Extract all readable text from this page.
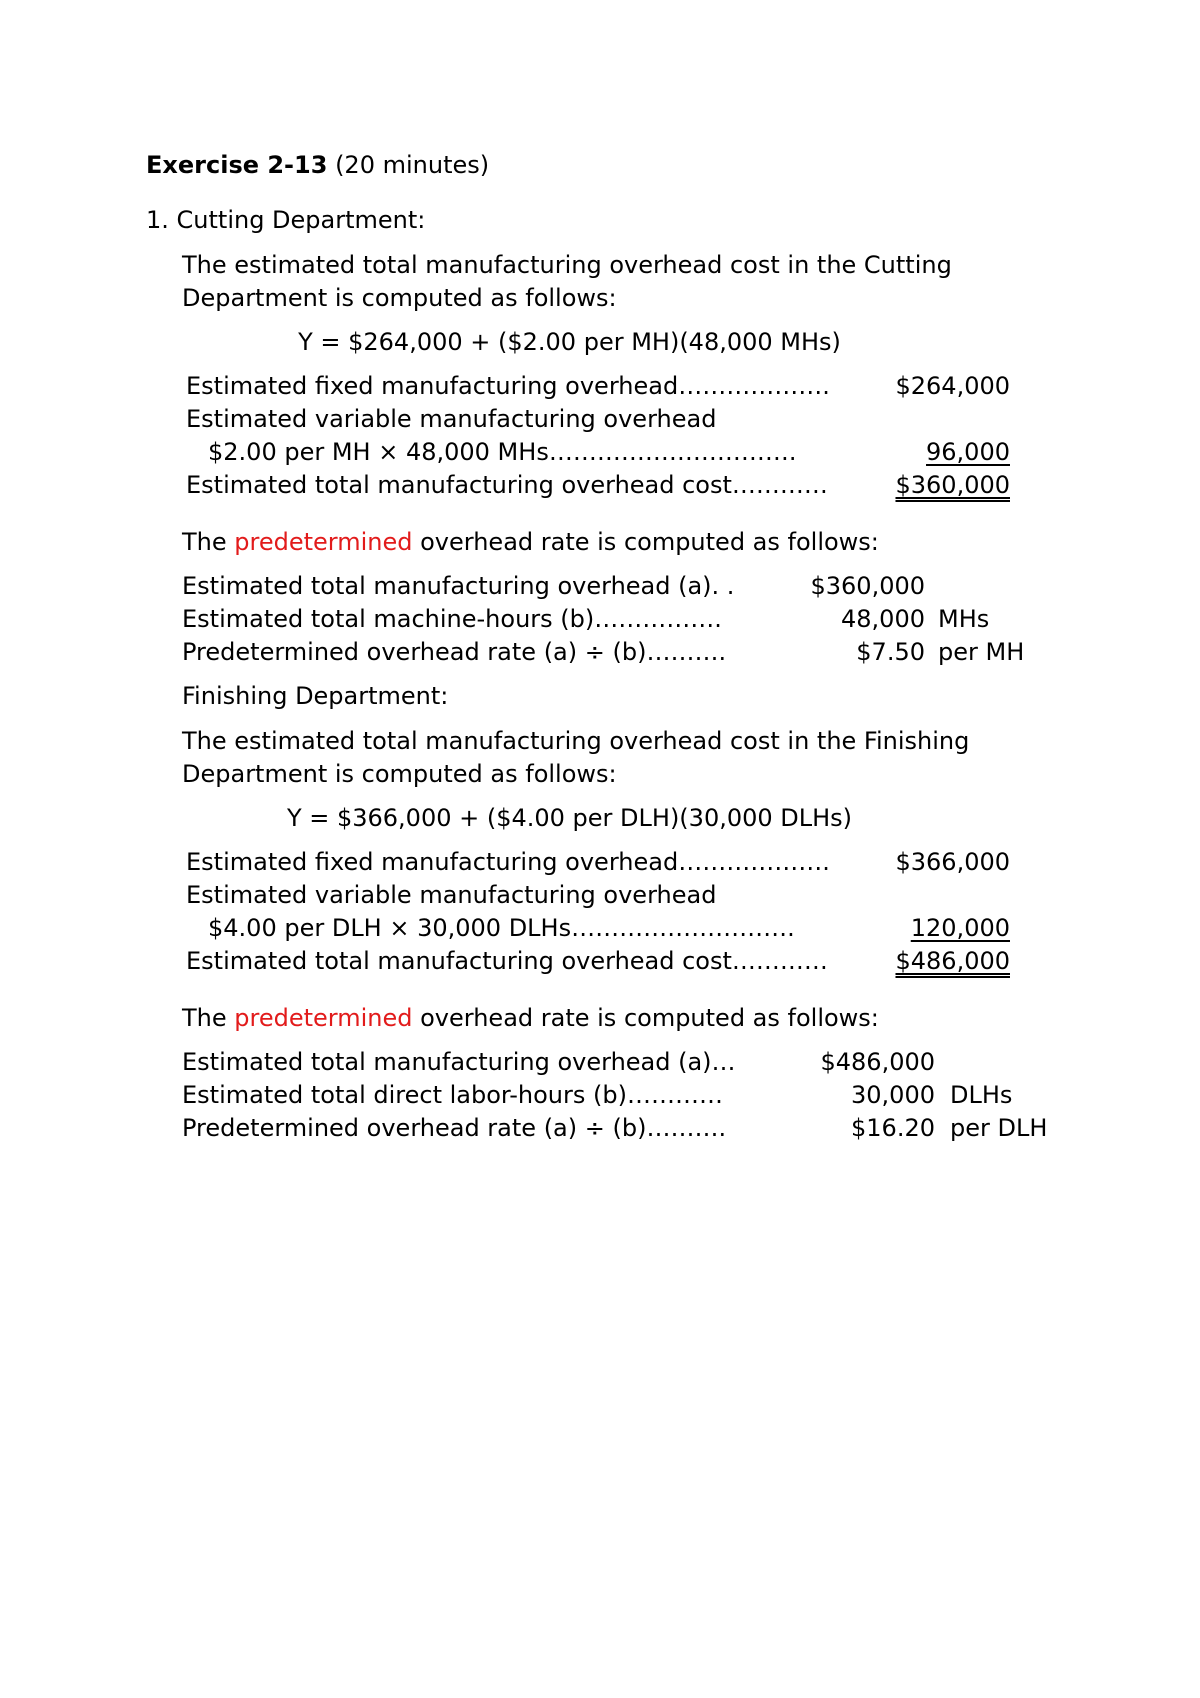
Exercise 2-13 (20 minutes)
1. Cutting Department:
The estimated total manufacturing overhead cost in the Cutting
Department is computed as follows:
Y = $264,000 + ($2.00 per MH)(48,000 MHs)
Estimated fixed manufacturing overhead……………….	$264,000
Estimated variable manufacturing overhead
$2.00 per MH × 48,000 MHs………………………….	96,000
Estimated total manufacturing overhead cost…………	$360,000
The predetermined overhead rate is computed as follows:
Estimated total manufacturing overhead (a). .	$360,000
Estimated total machine-hours (b)…………….	48,000 MHs
Predetermined overhead rate (a) ÷ (b)……….	$7.50 per MH
Finishing Department:
The estimated total manufacturing overhead cost in the Finishing
Department is computed as follows:
Y = $366,000 + ($4.00 per DLH)(30,000 DLHs)
Estimated fixed manufacturing overhead……………….	$366,000
Estimated variable manufacturing overhead
$4.00 per DLH × 30,000 DLHs……………………….	120,000
Estimated total manufacturing overhead cost…………	$486,000
The predetermined overhead rate is computed as follows:
Estimated total manufacturing overhead (a)…	$486,000
Estimated total direct labor-hours (b)…………	30,000 DLHs
Predetermined overhead rate (a) ÷ (b)……….	$16.20 per DLH
